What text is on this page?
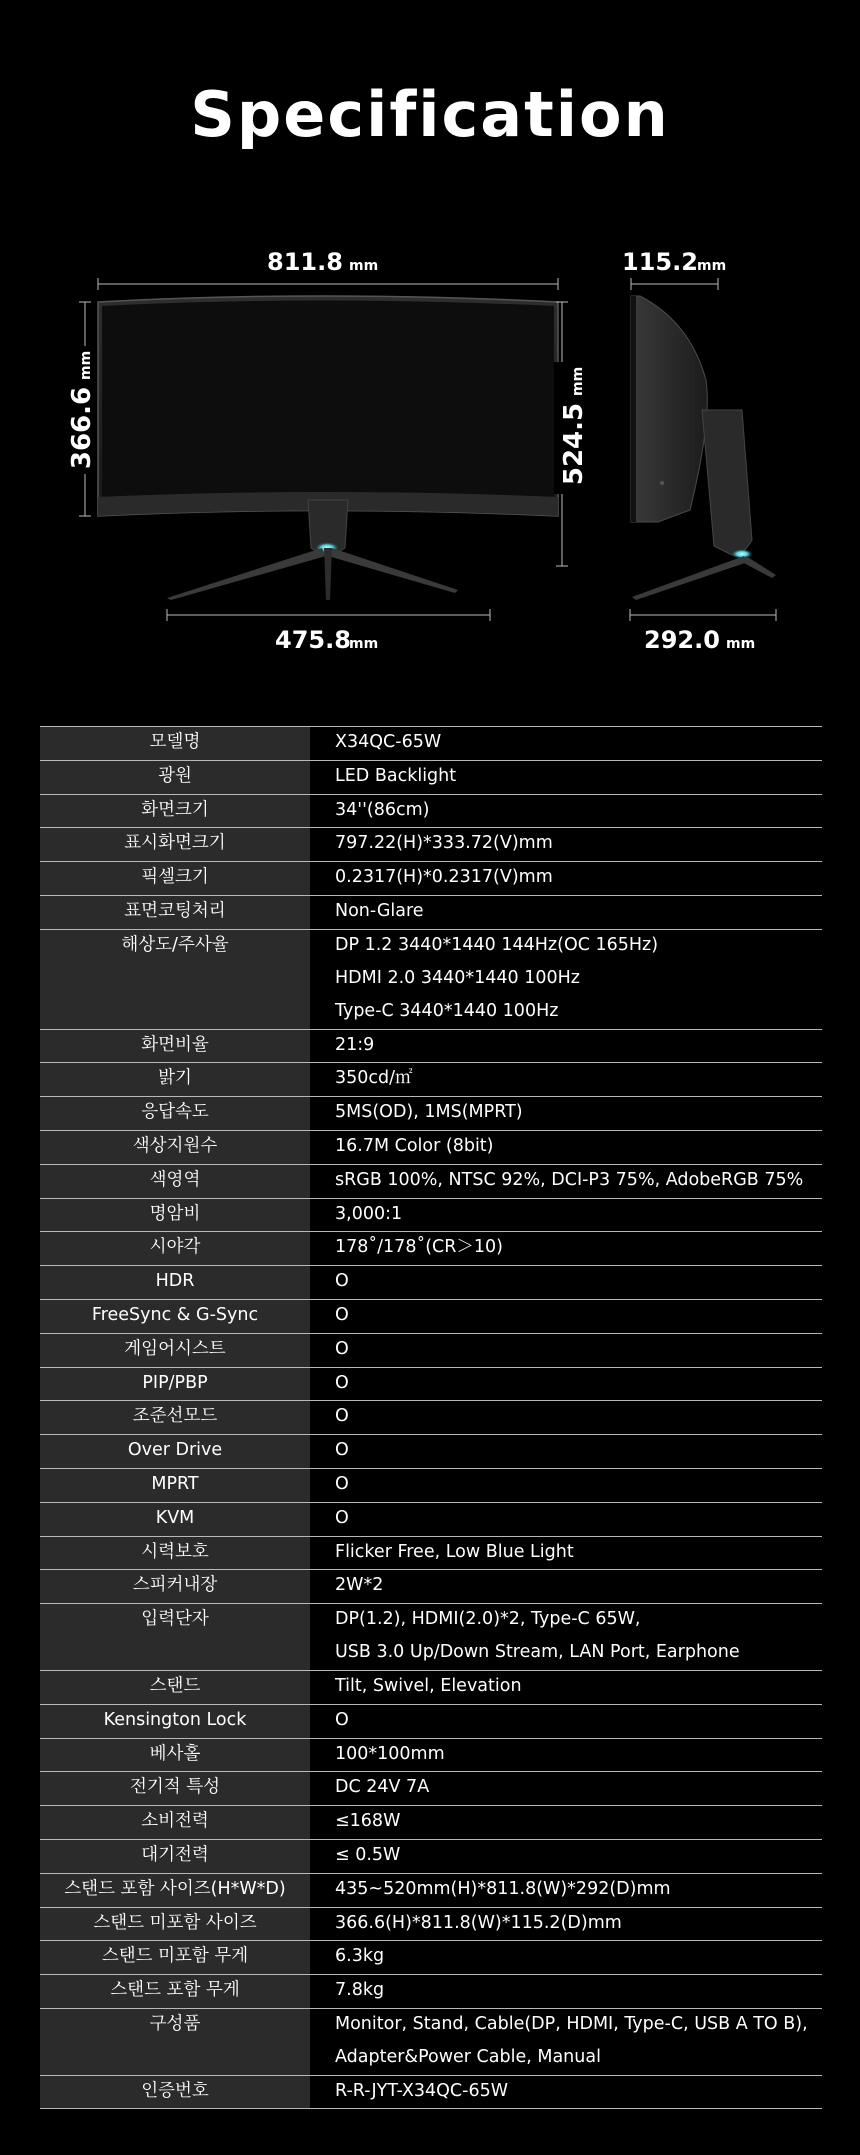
Specification
811.8 mm
366.6
mm
524.5
mm
475.8
mm
115.2 mm
292.0 mm
모델명	X34QC-65W

광원	LED Backlight

화면크기	34''(86cm)

표시화면크기	797.22(H)*333.72(V)mm

픽셀크기	0.2317(H)*0.2317(V)mm

표면코팅처리	Non-Glare

해상도/주사율	DP 1.2 3440*1440 144Hz(OC 165Hz)
HDMI 2.0 3440*1440 100Hz
Type-C 3440*1440 100Hz

화면비율	21:9

밝기	350cd/㎡

응답속도	5MS(OD), 1MS(MPRT)

색상지원수	16.7M Color (8bit)

색영역	sRGB 100%, NTSC 92%, DCI-P3 75%, AdobeRGB 75%

명암비	3,000:1

시야각	178˚/178˚(CR＞10)

HDR	O

FreeSync & G-Sync	O

게임어시스트	O

PIP/PBP	O

조준선모드	O

Over Drive	O

MPRT	O

KVM	O

시력보호	Flicker Free, Low Blue Light

스피커내장	2W*2

입력단자	DP(1.2), HDMI(2.0)*2, Type-C 65W,
USB 3.0 Up/Down Stream, LAN Port, Earphone

스탠드	Tilt, Swivel, Elevation

Kensington Lock	O

베사홀	100*100mm

전기적 특성	DC 24V 7A

소비전력	≤168W

대기전력	≤ 0.5W

스탠드 포함 사이즈(H*W*D)	435~520mm(H)*811.8(W)*292(D)mm

스탠드 미포함 사이즈	366.6(H)*811.8(W)*115.2(D)mm

스탠드 미포함 무게	6.3kg

스탠드 포함 무게	7.8kg

구성품	Monitor, Stand, Cable(DP, HDMI, Type-C, USB A TO B),
Adapter&Power Cable, Manual

인증번호	R-R-JYT-X34QC-65W
